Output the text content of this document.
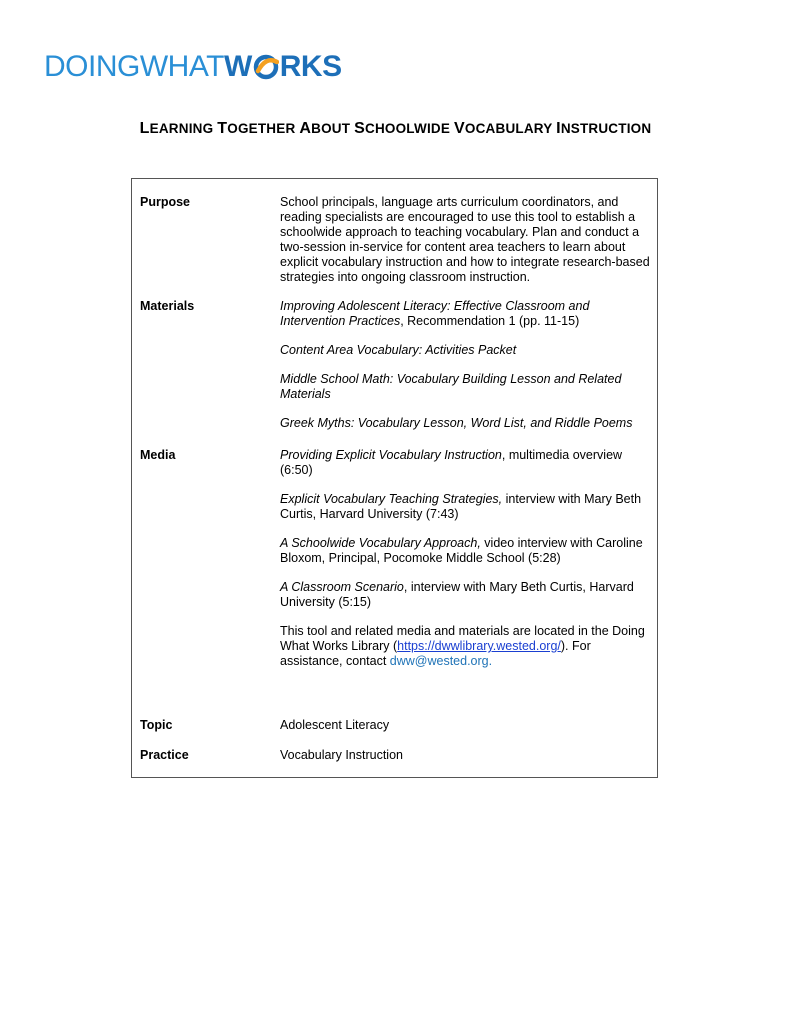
DOINGWHAT W RKS
LEARNING TOGETHER ABOUT SCHOOLWIDE VOCABULARY INSTRUCTION
Purpose	School principals, language arts curriculum coordinators, and reading specialists are encouraged to use this tool to establish a schoolwide approach to teaching vocabulary. Plan and conduct a two-session in-service for content area teachers to learn about explicit vocabulary instruction and how to integrate research-based strategies into ongoing classroom instruction.
Materials	Improving Adolescent Literacy: Effective Classroom and Intervention Practices, Recommendation 1 (pp. 11-15)

Content Area Vocabulary: Activities Packet

Middle School Math: Vocabulary Building Lesson and Related Materials

Greek Myths: Vocabulary Lesson, Word List, and Riddle Poems

Media	Providing Explicit Vocabulary Instruction, multimedia overview (6:50)

Explicit Vocabulary Teaching Strategies, interview with Mary Beth Curtis, Harvard University (7:43)

A Schoolwide Vocabulary Approach, video interview with Caroline Bloxom, Principal, Pocomoke Middle School (5:28)

A Classroom Scenario, interview with Mary Beth Curtis, Harvard University (5:15)

This tool and related media and materials are located in the Doing What Works Library (https://dwwlibrary.wested.org/). For assistance, contact dww@wested.org.

Topic	Adolescent Literacy
Practice	Vocabulary Instruction
